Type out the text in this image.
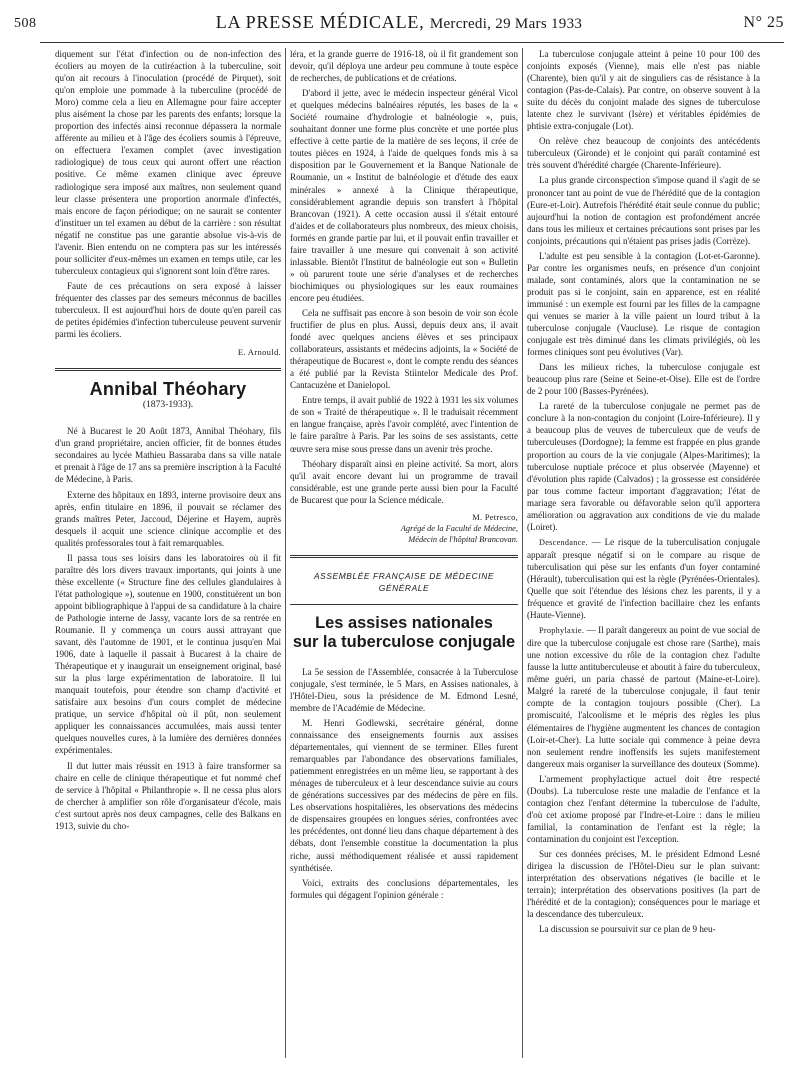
508	LA PRESSE MÉDICALE, Mercredi, 29 Mars 1933	N° 25

diquement sur l'état d'infection ou de non-infection des écoliers au moyen de la cutiréaction à la tuberculine, soit qu'on ait recours à l'inoculation (procédé de Pirquet), soit qu'on emploie une pommade à la tuberculine (procédé de Moro) comme cela a lieu en Allemagne pour faire accepter plus aisément la chose par les parents des enfants; lorsque la proportion des infectés ainsi reconnue dépassera la normale afférente au milieu et à l'âge des écoliers soumis à l'épreuve, on effectuera l'examen complet (avec investigation radiologique) de tous ceux qui auront offert une réaction positive. Ce même examen clinique avec épreuve radiologique sera imposé aux maîtres, non seulement quand leur classe présentera une proportion anormale d'infectés, mais encore de façon périodique; on ne saurait se contenter d'instituer un tel examen au début de la carrière : son résultat négatif ne constitue pas une garantie absolue vis-à-vis de l'avenir. Bien entendu on ne comptera pas sur les intéressés pour solliciter d'eux-mêmes un examen en temps utile, car les tuberculeux contagieux qui s'ignorent sont loin d'être rares.

Faute de ces précautions on sera exposé à laisser fréquenter des classes par des semeurs méconnus de bacilles tuberculeux. Il est aujourd'hui hors de doute qu'en pareil cas de petites épidémies d'infection tuberculeuse peuvent survenir parmi les écoliers.

E. Arnould.
Annibal Théohary
(1873-1933).

Né à Bucarest le 20 Août 1873, Annibal Théohary, fils d'un grand propriétaire, ancien officier, fit de bonnes études secondaires au lycée Mathieu Bassaraba dans sa ville natale et prenait à l'âge de 17 ans sa première inscription à la Faculté de Médecine, à Paris.

Externe des hôpitaux en 1893, interne provisoire deux ans après, enfin titulaire en 1896, il pouvait se réclamer des grands maîtres Peter, Jaccoud, Déjerine et Hayem, auprès desquels il acquit une science clinique accomplie et des qualités professorales tout à fait remarquables.

Il passa tous ses loisirs dans les laboratoires où il fit paraître dès lors divers travaux importants, qui joints à une thèse excellente (« Structure fine des cellules glandulaires à l'état pathologique »), soutenue en 1900, constituèrent un bon appoint bibliographique à l'appui de sa candidature à la chaire de Pathologie interne de Jassy, vacante lors de sa rentrée en Roumanie. Il y commença un cours aussi attrayant que savant, dès l'automne de 1901, et le continua jusqu'en Mai 1906, date à laquelle il passait à Bucarest à la chaire de Thérapeutique et y inaugurait un enseignement original, basé sur la plus large expérimentation de laboratoire. Il lui manquait toutefois, pour étendre son champ d'activité et satisfaire aux besoins d'un cours complet de médecine pratique, un service d'hôpital où il pût, non seulement appliquer les connaissances accumulées, mais aussi tenter quelques nouvelles cures, à la lumière des dernières données expérimentales.

Il dut lutter mais réussit en 1913 à faire transformer sa chaire en celle de clinique thérapeutique et fut nommé chef de service à l'hôpital « Philanthropie ». Il ne cessa plus alors de chercher à amplifier son rôle d'organisateur d'école, mais c'est surtout après nos deux campagnes, celle des Balkans en 1913, suivie du cho-

léra, et la grande guerre de 1916-18, où il fit grandement son devoir, qu'il déploya une ardeur peu commune à toute espèce de recherches, de publications et de créations.

D'abord il jette, avec le médecin inspecteur général Vicol et quelques médecins balnéaires réputés, les bases de la « Société roumaine d'hydrologie et balnéologie », puis, souhaitant donner une forme plus concrète et une portée plus effective à cette partie de la matière de ses leçons, il crée de toutes pièces en 1924, à l'aide de quelques fonds mis à sa disposition par le Gouvernement et la Banque Nationale de Roumanie, un « Institut de balnéologie et d'étude des eaux minérales » annexé à la Clinique thérapeutique, considérablement agrandie depuis son transfert à l'hôpital Brancovan (1921). A cette occasion aussi il s'était entouré d'aides et de collaborateurs plus nombreux, des mieux choisis, formés en grande partie par lui, et il pouvait enfin travailler et faire travailler à une mesure qui convenait à son activité inlassable. Bientôt l'Institut de balnéologie eut son « Bulletin » où parurent toute une série d'analyses et de recherches biochimiques ou physiologiques sur les eaux roumaines encore peu étudiées.

Cela ne suffisait pas encore à son besoin de voir son école fructifier de plus en plus. Aussi, depuis deux ans, il avait fondé avec quelques anciens élèves et ses principaux collaborateurs, assistants et médecins adjoints, la « Société de thérapeutique de Bucarest », dont le compte rendu des séances a été publié par la Revista Stiintelor Medicale des Prof. Cantacuzène et Danielopol.

Entre temps, il avait publié de 1922 à 1931 les six volumes de son « Traité de thérapeutique ». Il le traduisait récemment en langue française, après l'avoir complété, avec l'intention de le faire paraître à Paris. Par les soins de ses assistants, cette œuvre sera mise sous presse dans un avenir très proche.

Théohary disparaît ainsi en pleine activité. Sa mort, alors qu'il avait encore devant lui un programme de travail considérable, est une grande perte aussi bien pour la Faculté de Bucarest que pour la Science médicale.

M. Petresco,
Agrégé de la Faculté de Médecine,
Médecin de l'hôpital Brancovan.
ASSEMBLÉE FRANÇAISE DE MÉDECINE GÉNÉRALE
Les assises nationales
sur la tuberculose conjugale

La 5e session de l'Assemblée, consacrée à la Tuberculose conjugale, s'est terminée, le 5 Mars, en Assises nationales, à l'Hôtel-Dieu, sous la présidence de M. Edmond Lesné, membre de l'Académie de Médecine.

M. Henri Godlewski, secrétaire général, donne connaissance des enseignements fournis aux assises départementales, qui viennent de se terminer. Elles furent remarquables par l'abondance des observations familiales, patiemment enregistrées en un même lieu, se rapportant à des ménages de tuberculeux et à leur descendance suivie au cours de générations successives par des médecins de père en fils. Les observations hospitalières, les observations des médecins de dispensaires groupées en longues séries, confrontées avec les précédentes, ont donné lieu dans chaque département à des débats, dont l'ensemble constitue la documentation la plus riche, aussi méthodiquement réalisée et aussi rapidement synthétisée.

Voici, extraits des conclusions départementales, les formules qui dégagent l'opinion générale :

La tuberculose conjugale atteint à peine 10 pour 100 des conjoints exposés (Vienne), mais elle n'est pas niable (Charente), bien qu'il y ait de singuliers cas de résistance à la contagion (Pas-de-Calais). Par contre, on observe souvent à la suite du décès du conjoint malade des signes de tuberculose latente chez le survivant (Isère) et véritables épidémies de phtisie extra-conjugale (Lot).

On relève chez beaucoup de conjoints des antécédents tuberculeux (Gironde) et le conjoint qui paraît contaminé est très souvent d'hérédité chargée (Charente-Inférieure).

La plus grande circonspection s'impose quand il s'agit de se prononcer tant au point de vue de l'hérédité que de la contagion (Eure-et-Loir). Autrefois l'hérédité était seule connue du public; aujourd'hui la notion de contagion est profondément ancrée dans tous les milieux et certaines précautions sont prises par les conjoints, précautions qui n'étaient pas prises jadis (Corrèze).

L'adulte est peu sensible à la contagion (Lot-et-Garonne). Par contre les organismes neufs, en présence d'un conjoint malade, sont contaminés, alors que la contamination ne se produit pas si le conjoint, sain en apparence, est en réalité immunisé : un exemple est fourni par les filles de la campagne qui venues se marier à la ville paient un lourd tribut à la tuberculose conjugale (Vaucluse). Le risque de contagion conjugale est très diminué dans les climats privilégiés, où les formes cliniques sont peu évolutives (Var).

Dans les milieux riches, la tuberculose conjugale est beaucoup plus rare (Seine et Seine-et-Oise). Elle est de l'ordre de 2 pour 100 (Basses-Pyrénées).

La rareté de la tuberculose conjugale ne permet pas de conclure à la non-contagion du conjoint (Loire-Inférieure). Il y a beaucoup plus de veuves de tuberculeux que de veufs de tuberculeuses (Dordogne); la femme est frappée en plus grande proportion au cours de la vie conjugale (Alpes-Maritimes); la tuberculose nuptiale précoce et plus observée (Mayenne) et d'évolution plus rapide (Calvados) ; la grossesse est considérée par tous comme facteur important d'aggravation; l'état de mariage sera favorable ou défavorable selon qu'il apportera amélioration ou aggravation aux conditions de vie du malade (Loiret).

Descendance. — Le risque de la tuberculisation conjugale apparaît presque négatif si on le compare au risque de tuberculisation qui pèse sur les enfants d'un foyer contaminé (Hérault), tuberculisation qui est la règle (Pyrénées-Orientales). Quelle que soit l'étendue des lésions chez les parents, il y a fréquence et gravité de l'infection bacillaire chez les enfants (Haute-Vienne).

Prophylaxie. — Il paraît dangereux au point de vue social de dire que la tuberculose conjugale est chose rare (Sarthe), mais une notion excessive du rôle de la contagion chez l'adulte fausse la lutte antituberculeuse et aboutit à faire du tuberculeux, même guéri, un paria chassé de partout (Maine-et-Loire). Malgré la rareté de la tuberculose conjugale, il faut tenir compte de la contagion toujours possible (Cher). La promiscuité, l'alcoolisme et le mépris des règles les plus élémentaires de l'hygiène augmentent les chances de contagion (Loir-et-Cher). La lutte sociale qui commence à peine devra non seulement rendre inoffensifs les sujets manifestement dangereux mais organiser la surveillance des douteux (Somme).

L'armement prophylactique actuel doit être respecté (Doubs). La tuberculose reste une maladie de l'enfance et la contagion chez l'enfant détermine la tuberculose de l'adulte, d'où cet axiome proposé par l'Indre-et-Loire : dans le milieu familial, la contamination de l'enfant est la règle; la contamination du conjoint est l'exception.

Sur ces données précises, M. le président Edmond Lesné dirigea la discussion de l'Hôtel-Dieu sur le plan suivant: interprétation des observations négatives (le bacille et le terrain); interprétation des observations positives (la part de l'hérédité et de la contagion); conséquences pour le mariage et la descendance des tuberculeux.

La discussion se poursuivit sur ce plan de 9 heu-
